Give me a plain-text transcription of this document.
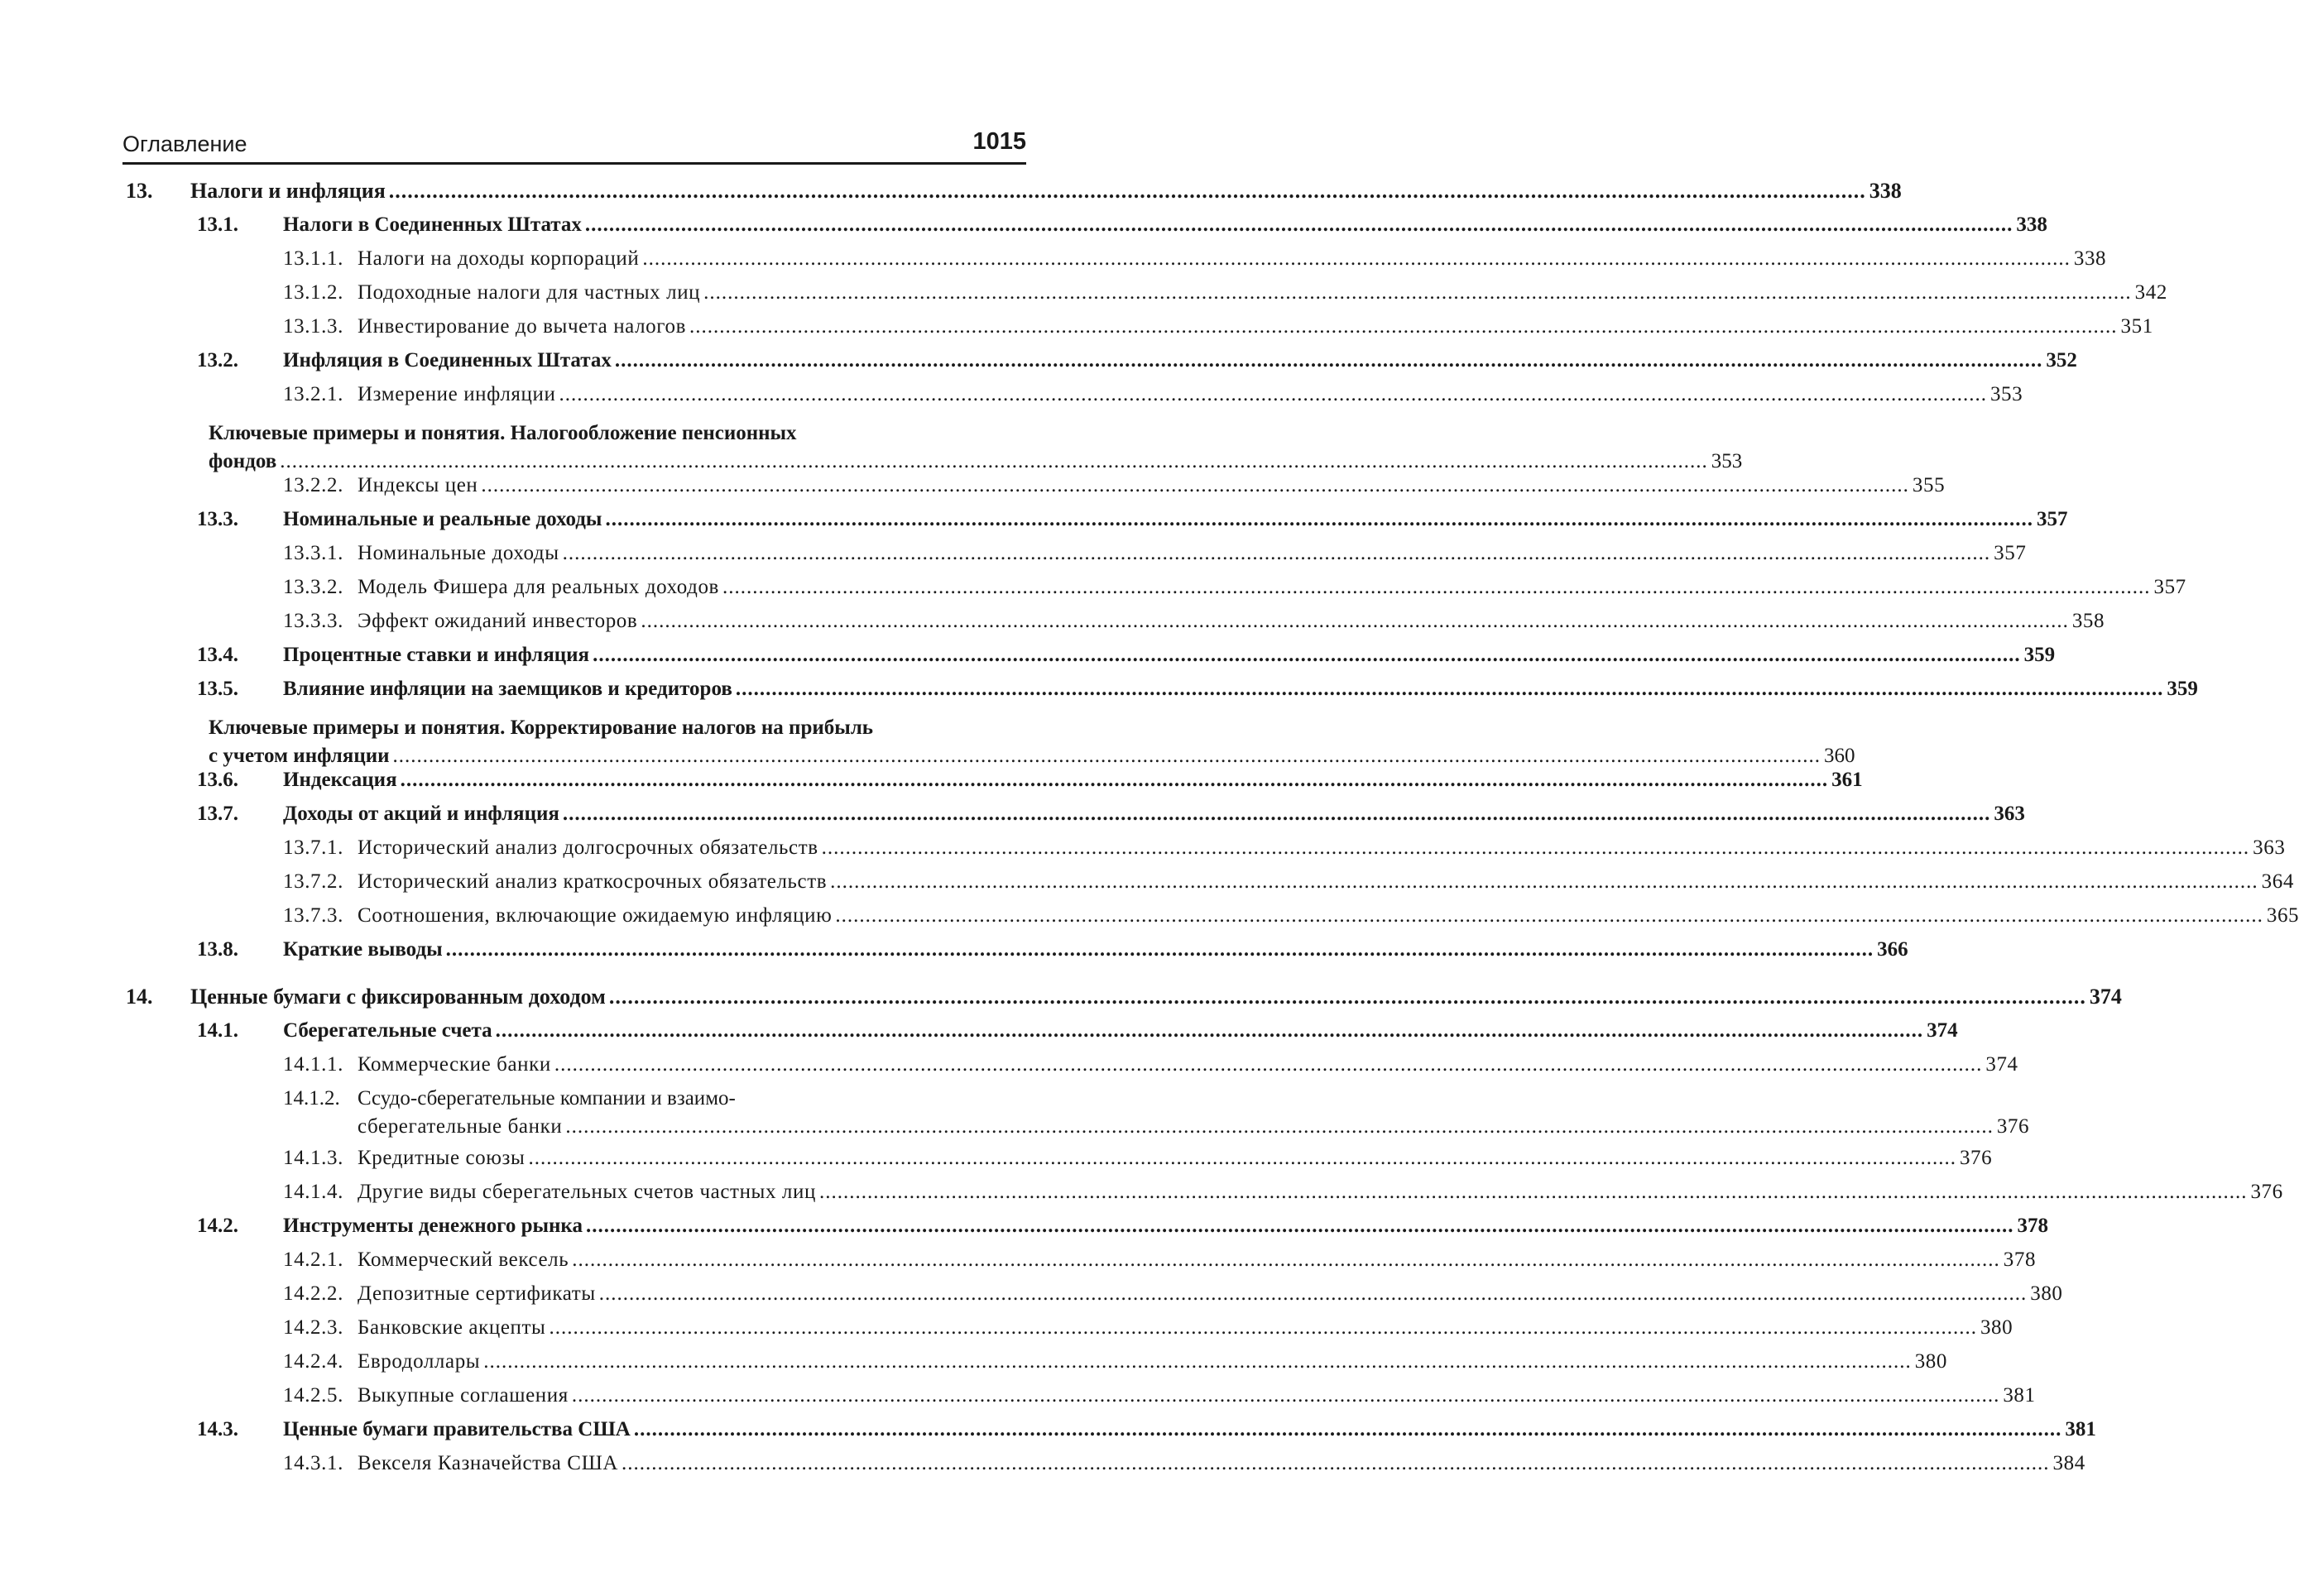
Оглавление	1015
13. Налоги и инфляция .............................................................................................................................................................................................................................................. 338
13.1. Налоги в Соединенных Штатах .............................................................................................................................................................................................................................................. 338
13.1.1. Налоги на доходы корпораций .............................................................................................................................................................................................................................................. 338
13.1.2. Подоходные налоги для частных лиц .............................................................................................................................................................................................................................................. 342
13.1.3. Инвестирование до вычета налогов .............................................................................................................................................................................................................................................. 351
13.2. Инфляция в Соединенных Штатах .............................................................................................................................................................................................................................................. 352
13.2.1. Измерение инфляции .............................................................................................................................................................................................................................................. 353
Ключевые примеры и понятия. Налогообложение пенсионных
фондов .............................................................................................................................................................................................................................................. 353
13.2.2. Индексы цен .............................................................................................................................................................................................................................................. 355
13.3. Номинальные и реальные доходы .............................................................................................................................................................................................................................................. 357
13.3.1. Номинальные доходы .............................................................................................................................................................................................................................................. 357
13.3.2. Модель Фишера для реальных доходов .............................................................................................................................................................................................................................................. 357
13.3.3. Эффект ожиданий инвесторов .............................................................................................................................................................................................................................................. 358
13.4. Процентные ставки и инфляция .............................................................................................................................................................................................................................................. 359
13.5. Влияние инфляции на заемщиков и кредиторов .............................................................................................................................................................................................................................................. 359
Ключевые примеры и понятия. Корректирование налогов на прибыль
с учетом инфляции .............................................................................................................................................................................................................................................. 360
13.6. Индексация .............................................................................................................................................................................................................................................. 361
13.7. Доходы от акций и инфляция .............................................................................................................................................................................................................................................. 363
13.7.1. Исторический анализ долгосрочных обязательств .............................................................................................................................................................................................................................................. 363
13.7.2. Исторический анализ краткосрочных обязательств .............................................................................................................................................................................................................................................. 364
13.7.3. Соотношения, включающие ожидаемую инфляцию .............................................................................................................................................................................................................................................. 365
13.8. Краткие выводы .............................................................................................................................................................................................................................................. 366
14. Ценные бумаги с фиксированным доходом .............................................................................................................................................................................................................................................. 374
14.1. Сберегательные счета .............................................................................................................................................................................................................................................. 374
14.1.1. Коммерческие банки .............................................................................................................................................................................................................................................. 374
14.1.2. Ссудо-сберегательные компании и взаимо-
сберегательные банки .............................................................................................................................................................................................................................................. 376
14.1.3. Кредитные союзы .............................................................................................................................................................................................................................................. 376
14.1.4. Другие виды сберегательных счетов частных лиц .............................................................................................................................................................................................................................................. 376
14.2. Инструменты денежного рынка .............................................................................................................................................................................................................................................. 378
14.2.1. Коммерческий вексель .............................................................................................................................................................................................................................................. 378
14.2.2. Депозитные сертификаты .............................................................................................................................................................................................................................................. 380
14.2.3. Банковские акцепты .............................................................................................................................................................................................................................................. 380
14.2.4. Евродоллары .............................................................................................................................................................................................................................................. 380
14.2.5. Выкупные соглашения .............................................................................................................................................................................................................................................. 381
14.3. Ценные бумаги правительства США .............................................................................................................................................................................................................................................. 381
14.3.1. Векселя Казначейства США .............................................................................................................................................................................................................................................. 384
